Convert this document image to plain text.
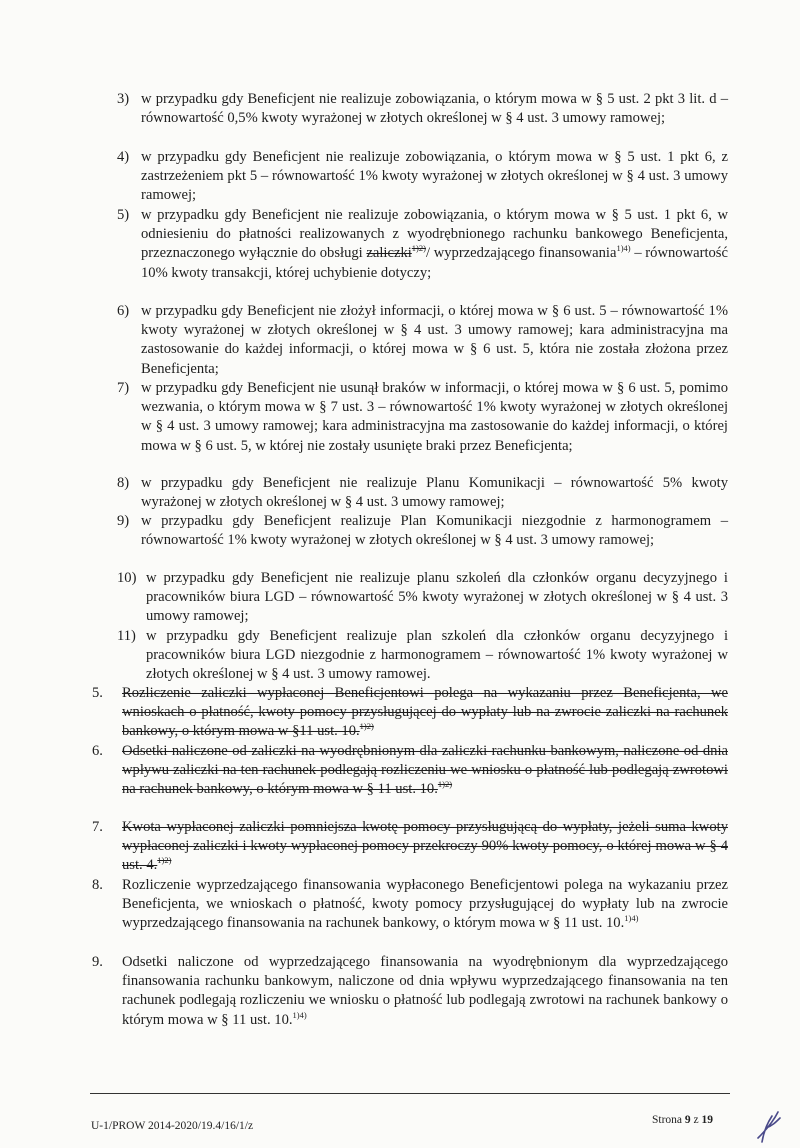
3) w przypadku gdy Beneficjent nie realizuje zobowiązania, o którym mowa w § 5 ust. 2 pkt 3 lit. d – równowartość 0,5% kwoty wyrażonej w złotych określonej w § 4 ust. 3 umowy ramowej;
4) w przypadku gdy Beneficjent nie realizuje zobowiązania, o którym mowa w § 5 ust. 1 pkt 6, z zastrzeżeniem pkt 5 – równowartość 1% kwoty wyrażonej w złotych określonej w § 4 ust. 3 umowy ramowej;
5) w przypadku gdy Beneficjent nie realizuje zobowiązania, o którym mowa w § 5 ust. 1 pkt 6, w odniesieniu do płatności realizowanych z wyodrębnionego rachunku bankowego Beneficjenta, przeznaczonego wyłącznie do obsługi zaliczki$^{1)2)}$/ wyprzedzającego finansowania$^{1)4)}$ – równowartość 10% kwoty transakcji, której uchybienie dotyczy;
6) w przypadku gdy Beneficjent nie złożył informacji, o której mowa w § 6 ust. 5 – równowartość 1% kwoty wyrażonej w złotych określonej w § 4 ust. 3 umowy ramowej; kara administracyjna ma zastosowanie do każdej informacji, o której mowa w § 6 ust. 5, która nie została złożona przez Beneficjenta;
7) w przypadku gdy Beneficjent nie usunął braków w informacji, o której mowa w § 6 ust. 5, pomimo wezwania, o którym mowa w § 7 ust. 3 – równowartość 1% kwoty wyrażonej w złotych określonej w § 4 ust. 3 umowy ramowej; kara administracyjna ma zastosowanie do każdej informacji, o której mowa w § 6 ust. 5, w której nie zostały usunięte braki przez Beneficjenta;
8) w przypadku gdy Beneficjent nie realizuje Planu Komunikacji – równowartość 5% kwoty wyrażonej w złotych określonej w § 4 ust. 3 umowy ramowej;
9) w przypadku gdy Beneficjent realizuje Plan Komunikacji niezgodnie z harmonogramem – równowartość 1% kwoty wyrażonej w złotych określonej w § 4 ust. 3 umowy ramowej;
10) w przypadku gdy Beneficjent nie realizuje planu szkoleń dla członków organu decyzyjnego i pracowników biura LGD – równowartość 5% kwoty wyrażonej w złotych określonej w § 4 ust. 3 umowy ramowej;
11) w przypadku gdy Beneficjent realizuje plan szkoleń dla członków organu decyzyjnego i pracowników biura LGD niezgodnie z harmonogramem – równowartość 1% kwoty wyrażonej w złotych określonej w § 4 ust. 3 umowy ramowej.
5. Rozliczenie zaliczki wypłaconej Beneficjentowi polega na wykazaniu przez Beneficjenta, we wnioskach o płatność, kwoty pomocy przysługującej do wypłaty lub na zwrocie zaliczki na rachunek bankowy, o którym mowa w §11 ust. 10.$^{1)2)}$
6. Odsetki naliczone od zaliczki na wyodrębnionym dla zaliczki rachunku bankowym, naliczone od dnia wpływu zaliczki na ten rachunek podlegają rozliczeniu we wniosku o płatność lub podlegają zwrotowi na rachunek bankowy, o którym mowa w § 11 ust. 10.$^{1)2)}$
7. Kwota wypłaconej zaliczki pomniejsza kwotę pomocy przysługującą do wypłaty, jeżeli suma kwoty wypłaconej zaliczki i kwoty wypłaconej pomocy przekroczy 90% kwoty pomocy, o której mowa w § 4 ust. 4.$^{1)2)}$
8. Rozliczenie wyprzedzającego finansowania wypłaconego Beneficjentowi polega na wykazaniu przez Beneficjenta, we wnioskach o płatność, kwoty pomocy przysługującej do wypłaty lub na zwrocie wyprzedzającego finansowania na rachunek bankowy, o którym mowa w § 11 ust. 10.$^{1)4)}$
9. Odsetki naliczone od wyprzedzającego finansowania na wyodrębnionym dla wyprzedzającego finansowania rachunku bankowym, naliczone od dnia wpływu wyprzedzającego finansowania na ten rachunek podlegają rozliczeniu we wniosku o płatność lub podlegają zwrotowi na rachunek bankowy o którym mowa w § 11 ust. 10.$^{1)4)}$
U-1/PROW 2014-2020/19.4/16/1/z	Strona 9 z 19
